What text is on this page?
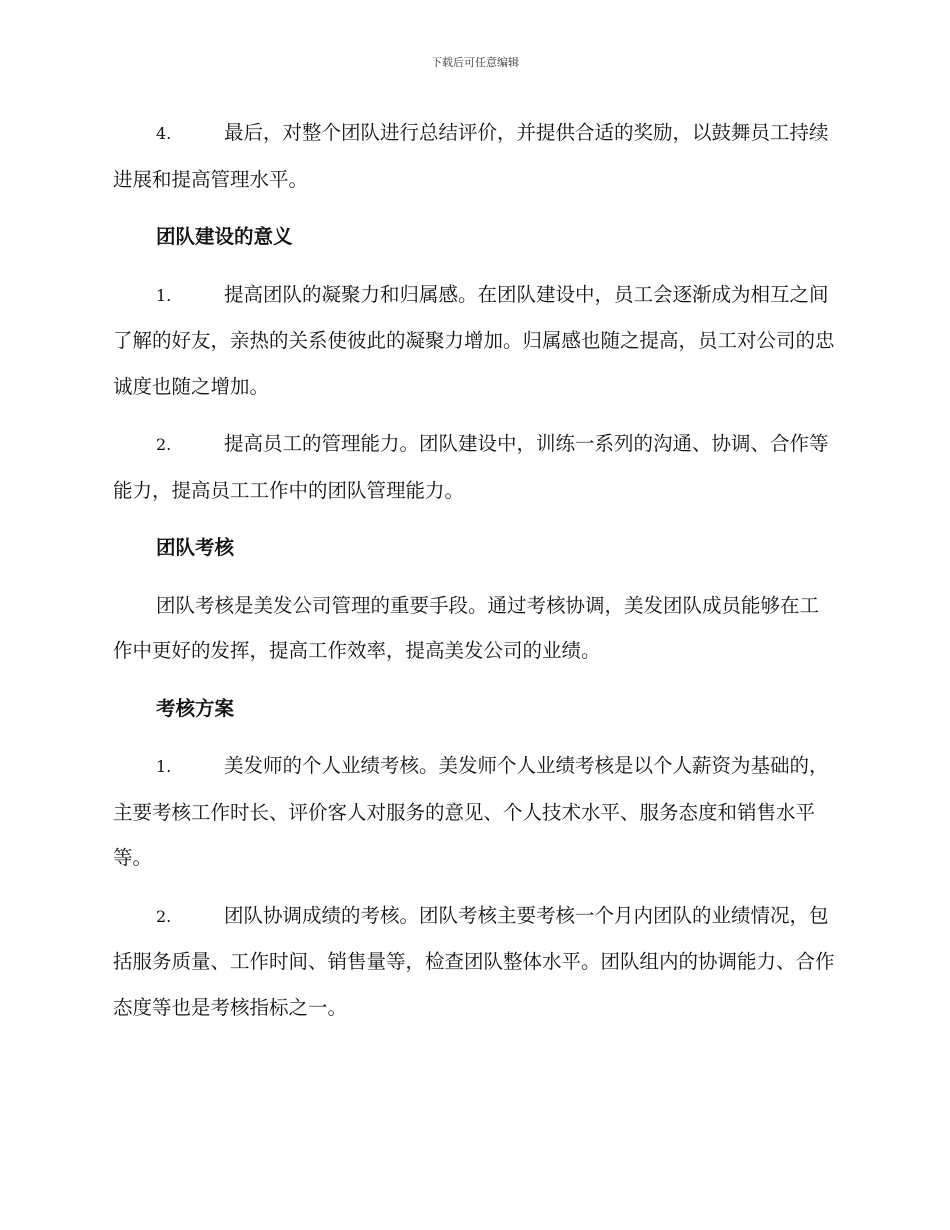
下载后可任意编辑

4.	最后，对整个团队进行总结评价，并提供合适的奖励，以鼓舞员工持续进展和提高管理水平。

团队建设的意义

1.	提高团队的凝聚力和归属感。在团队建设中，员工会逐渐成为相互之间了解的好友，亲热的关系使彼此的凝聚力增加。归属感也随之提高，员工对公司的忠诚度也随之增加。

2.	提高员工的管理能力。团队建设中，训练一系列的沟通、协调、合作等能力，提高员工工作中的团队管理能力。

团队考核

团队考核是美发公司管理的重要手段。通过考核协调，美发团队成员能够在工作中更好的发挥，提高工作效率，提高美发公司的业绩。

考核方案

1.	美发师的个人业绩考核。美发师个人业绩考核是以个人薪资为基础的，主要考核工作时长、评价客人对服务的意见、个人技术水平、服务态度和销售水平等。

2.	团队协调成绩的考核。团队考核主要考核一个月内团队的业绩情况，包括服务质量、工作时间、销售量等，检查团队整体水平。团队组内的协调能力、合作态度等也是考核指标之一。
